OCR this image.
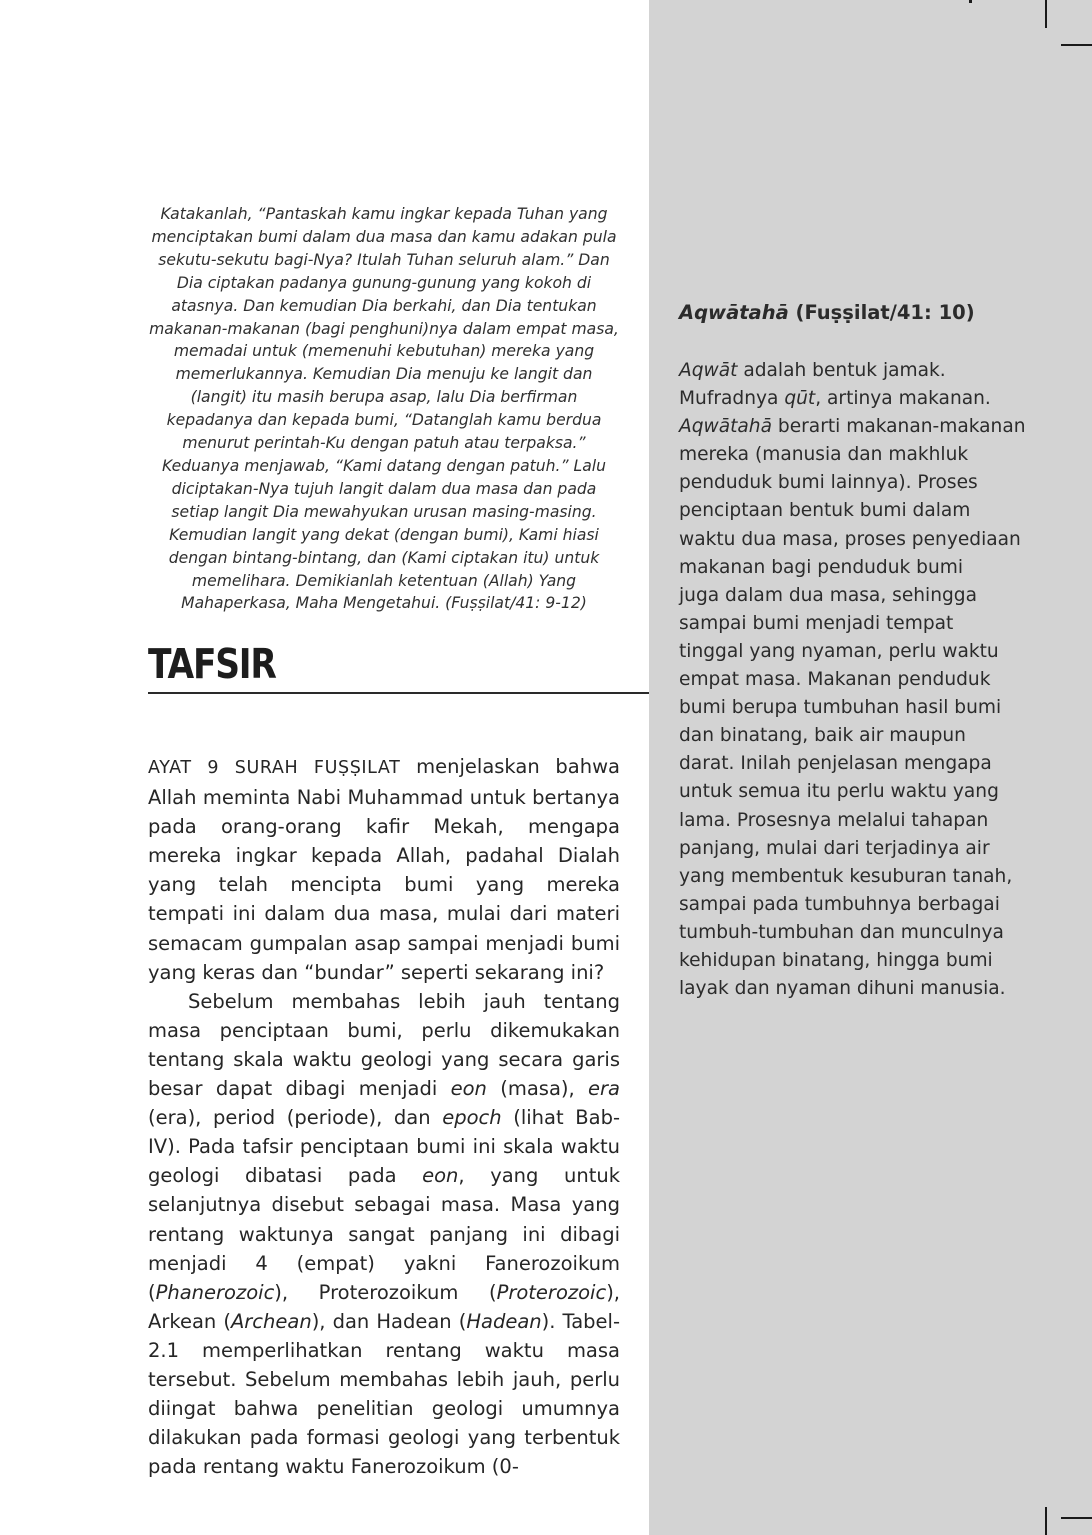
Katakanlah, “Pantaskah kamu ingkar kepada Tuhan yang menciptakan bumi dalam dua masa dan kamu adakan pula sekutu-sekutu bagi-Nya? Itulah Tuhan seluruh alam.” Dan Dia ciptakan padanya gunung-gunung yang kokoh di atasnya. Dan kemudian Dia berkahi, dan Dia tentukan makanan-makanan (bagi penghuni)nya dalam empat masa, memadai untuk (memenuhi kebutuhan) mereka yang memerlukannya. Kemudian Dia menuju ke langit dan (langit) itu masih berupa asap, lalu Dia berfirman kepadanya dan kepada bumi, “Datanglah kamu berdua menurut perintah-Ku dengan patuh atau terpaksa.” Keduanya menjawab, “Kami datang dengan patuh.” Lalu diciptakan-Nya tujuh langit dalam dua masa dan pada setiap langit Dia mewahyukan urusan masing-masing. Kemudian langit yang dekat (dengan bumi), Kami hiasi dengan bintang-bintang, dan (Kami ciptakan itu) untuk memelihara. Demikianlah ketentuan (Allah) Yang Mahaperkasa, Maha Mengetahui. (Fuṣṣilat/41: 9-12)

TAFSIR

AYAT 9 SURAH FUṢṢILAT menjelaskan bahwa Allah meminta Nabi Muhammad untuk bertanya pada orang-orang kafir Mekah, mengapa mereka ingkar kepada Allah, padahal Dialah yang telah mencipta bumi yang mereka tempati ini dalam dua masa, mulai dari materi semacam gumpalan asap sampai menjadi bumi yang keras dan “bundar” seperti sekarang ini?

Sebelum membahas lebih jauh tentang masa penciptaan bumi, perlu dikemukakan tentang skala waktu geologi yang secara garis besar dapat dibagi menjadi eon (masa), era (era), period (periode), dan epoch (lihat Bab-IV). Pada tafsir penciptaan bumi ini skala waktu geologi dibatasi pada eon, yang untuk selanjutnya disebut sebagai masa. Masa yang rentang waktunya sangat panjang ini dibagi menjadi 4 (empat) yakni Fanerozoikum (Phanerozoic), Proterozoikum (Proterozoic), Arkean (Archean), dan Hadean (Hadean). Tabel-2.1 memperlihatkan rentang waktu masa tersebut. Sebelum membahas lebih jauh, perlu diingat bahwa penelitian geologi umumnya dilakukan pada formasi geologi yang terbentuk pada rentang waktu Fanerozoikum (0-

Aqwātahā (Fuṣṣilat/41: 10)
Aqwāt adalah bentuk jamak.
Mufradnya qūt, artinya makanan.
Aqwātahā berarti makanan-makanan
mereka (manusia dan makhluk
penduduk bumi lainnya). Proses
penciptaan bentuk bumi dalam
waktu dua masa, proses penyediaan
makanan bagi penduduk bumi
juga dalam dua masa, sehingga
sampai bumi menjadi tempat
tinggal yang nyaman, perlu waktu
empat masa. Makanan penduduk
bumi berupa tumbuhan hasil bumi
dan binatang, baik air maupun
darat. Inilah penjelasan mengapa
untuk semua itu perlu waktu yang
lama. Prosesnya melalui tahapan
panjang, mulai dari terjadinya air
yang membentuk kesuburan tanah,
sampai pada tumbuhnya berbagai
tumbuh-tumbuhan dan munculnya
kehidupan binatang, hingga bumi
layak dan nyaman dihuni manusia.
